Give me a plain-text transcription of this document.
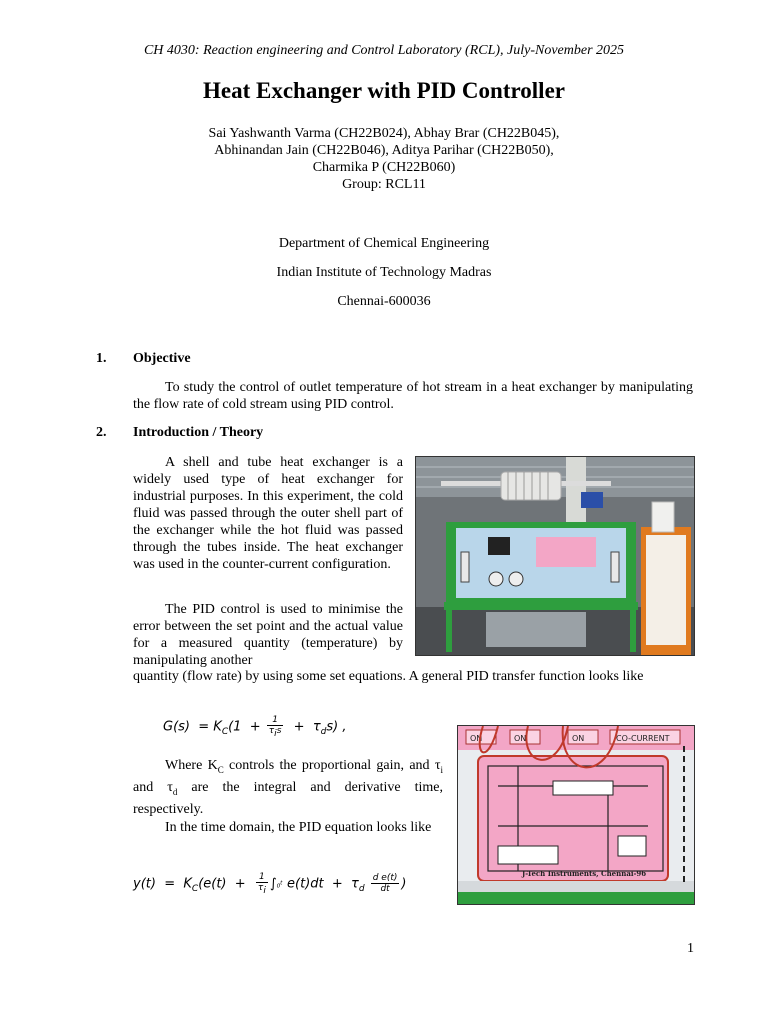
CH 4030: Reaction engineering and Control Laboratory (RCL), July-November 2025
Heat Exchanger with PID Controller
Sai Yashwanth Varma (CH22B024), Abhay Brar (CH22B045),
Abhinandan Jain (CH22B046), Aditya Parihar (CH22B050),
Charmika P (CH22B060)
Group: RCL11
Department of Chemical Engineering
Indian Institute of Technology Madras
Chennai-600036
1. Objective
To study the control of outlet temperature of hot stream in a heat exchanger by manipulating the flow rate of cold stream using PID control.
2. Introduction / Theory
A shell and tube heat exchanger is a widely used type of heat exchanger for industrial purposes. In this experiment, the cold fluid was passed through the outer shell part of the exchanger while the hot fluid was passed through the tubes inside. The heat exchanger was used in the counter-current configuration.
The PID control is used to minimise the error between the set point and the actual value for a measured quantity (temperature) by manipulating another
quantity (flow rate) by using some set equations. A general PID transfer function looks like
$G(s) = K_C(1 + \frac{1}{\tau_is} + \tau_ds)$ ,
Where $K_C$ controls the proportional gain, and $\tau_i$ and $\tau_d$ are the integral and derivative time, respectively.
In the time domain, the PID equation looks like
$y(t) = K_C(e(t) + \frac{1}{\tau_i}$ ∫₀ᵗ $e(t)dt + \tau_d \frac{\text{d e(t)}}{dt}$ )
ON	ON	ON	CO-CURRENT
J-Tech Instruments, Chennai-96
1
